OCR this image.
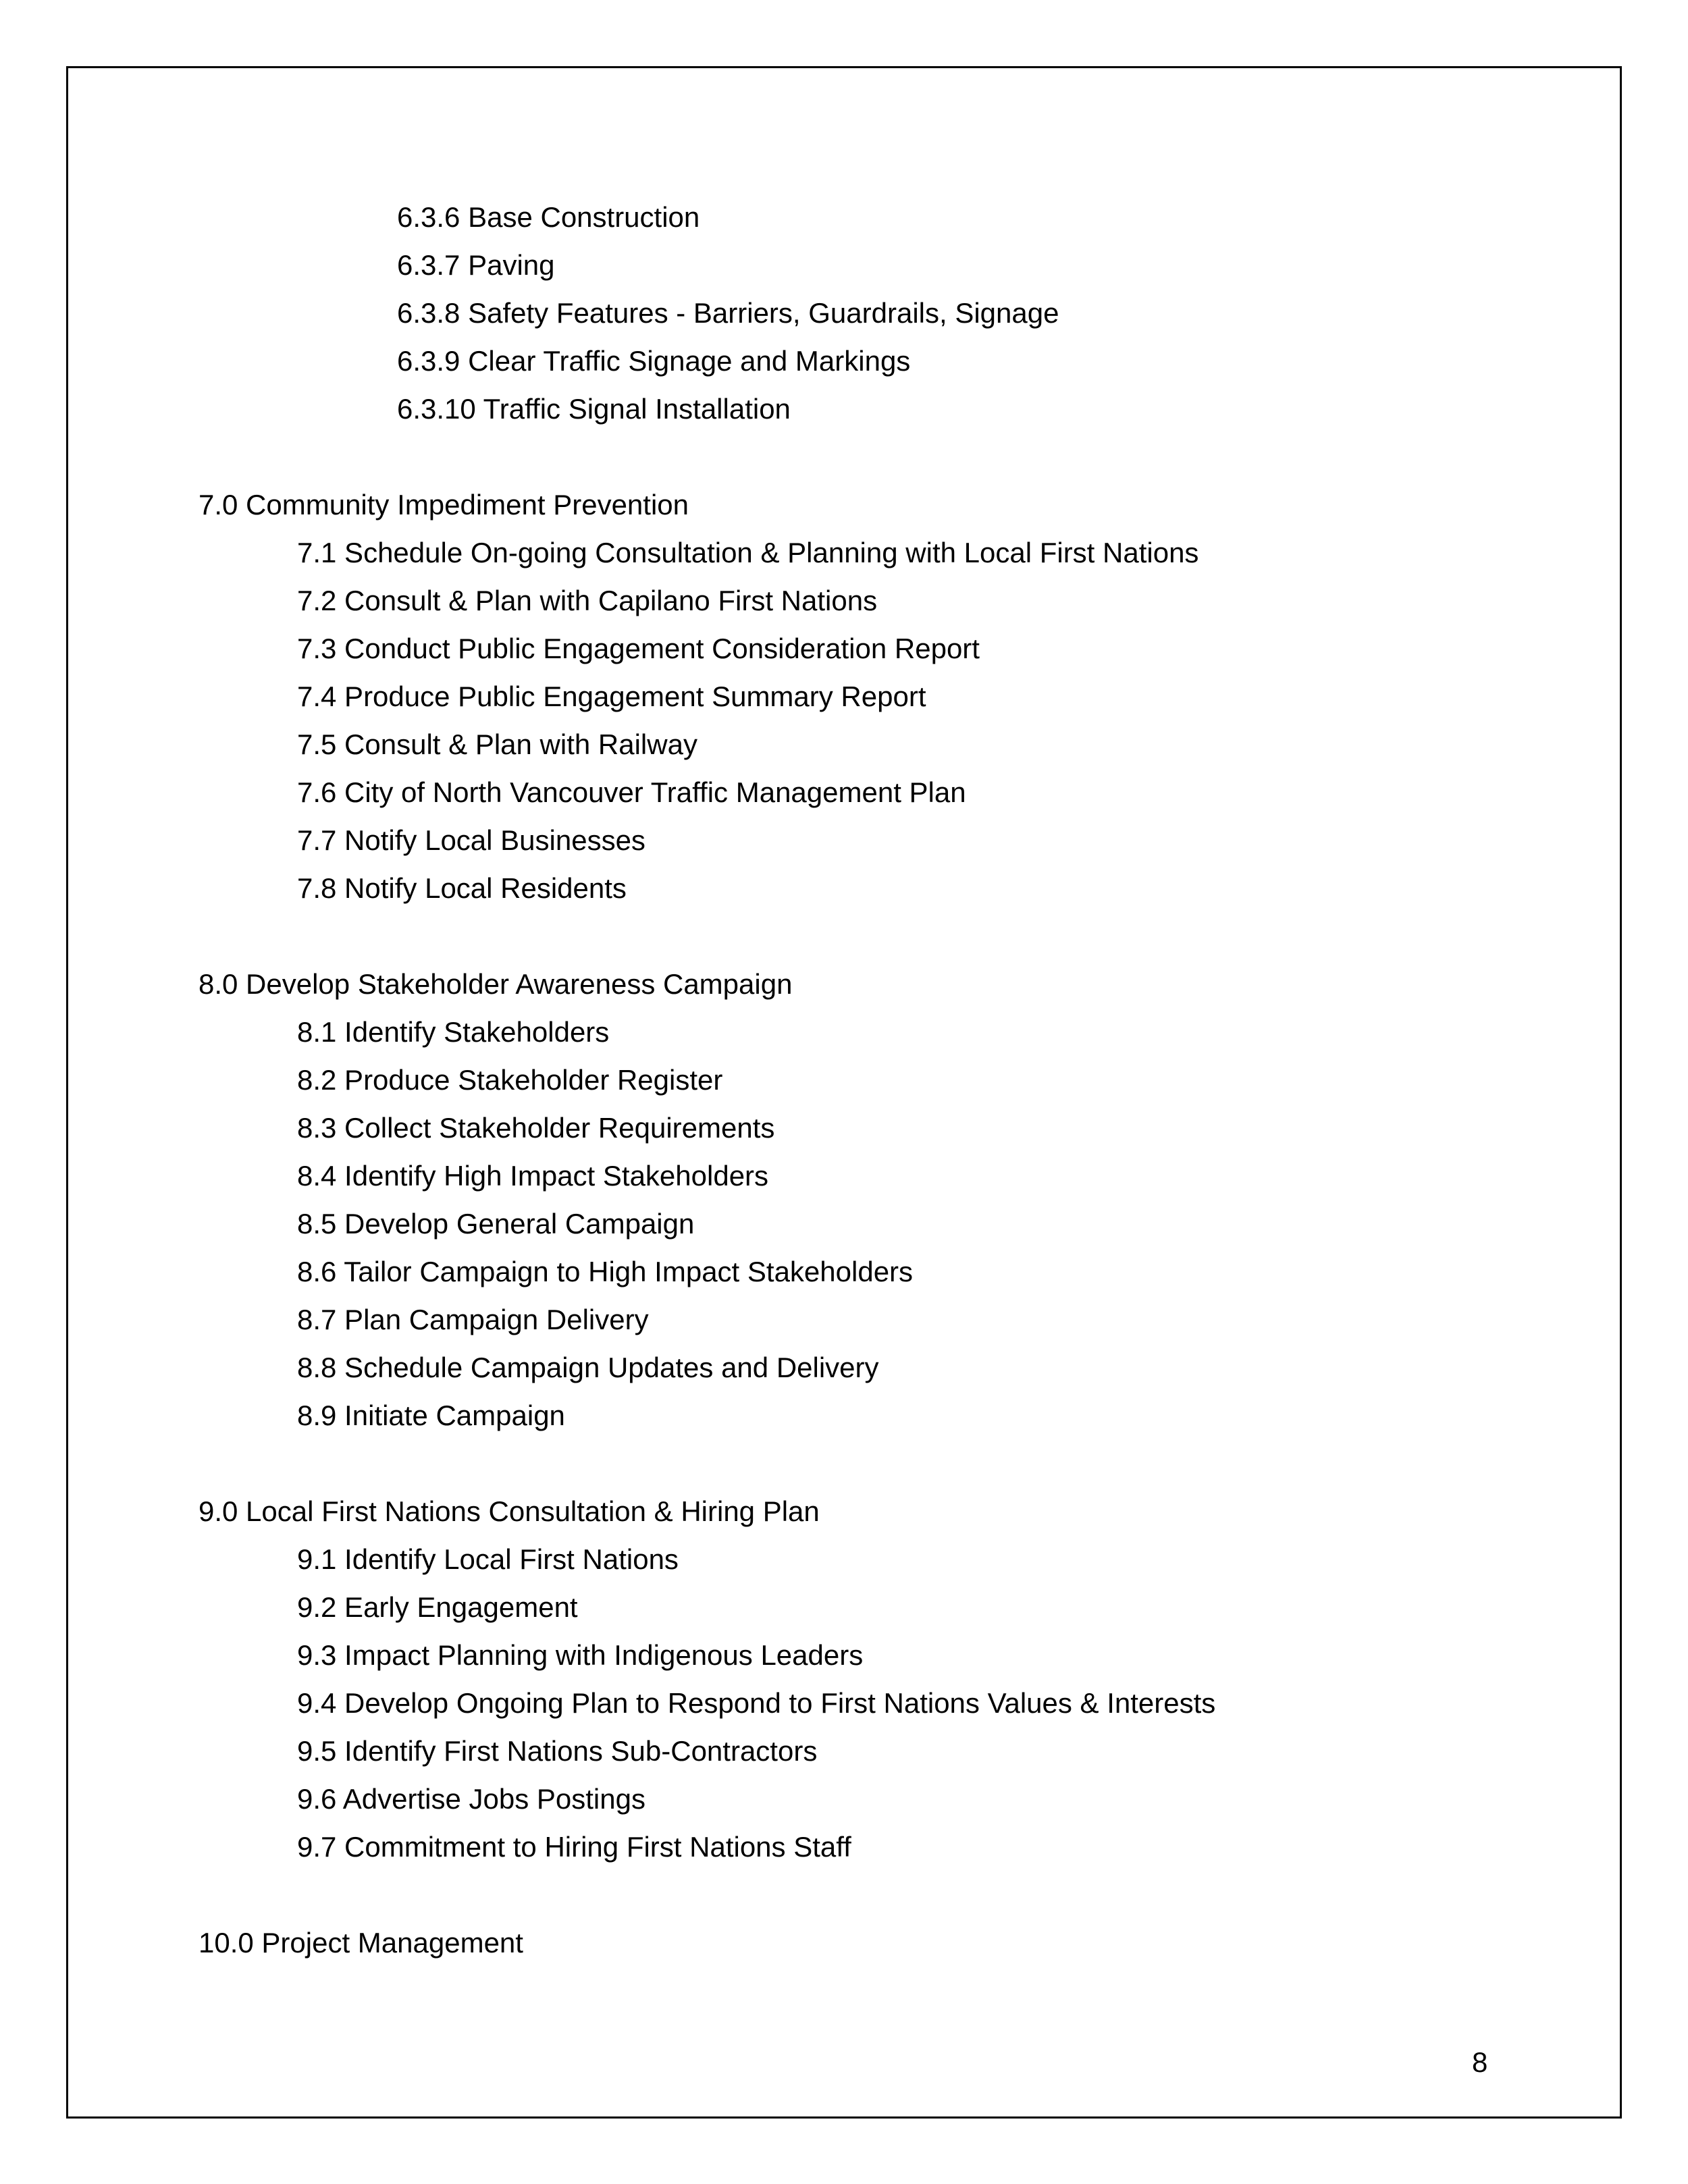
6.3.6 Base Construction
6.3.7 Paving
6.3.8 Safety Features - Barriers, Guardrails, Signage
6.3.9 Clear Traffic Signage and Markings
6.3.10 Traffic Signal Installation
7.0 Community Impediment Prevention
7.1 Schedule On-going Consultation & Planning with Local First Nations
7.2 Consult & Plan with Capilano First Nations
7.3 Conduct Public Engagement Consideration Report
7.4 Produce Public Engagement Summary Report
7.5 Consult & Plan with Railway
7.6 City of North Vancouver Traffic Management Plan
7.7 Notify Local Businesses
7.8 Notify Local Residents
8.0 Develop Stakeholder Awareness Campaign
8.1 Identify Stakeholders
8.2 Produce Stakeholder Register
8.3 Collect Stakeholder Requirements
8.4 Identify High Impact Stakeholders
8.5 Develop General Campaign
8.6 Tailor Campaign to High Impact Stakeholders
8.7 Plan Campaign Delivery
8.8 Schedule Campaign Updates and Delivery
8.9 Initiate Campaign
9.0 Local First Nations Consultation & Hiring Plan
9.1 Identify Local First Nations
9.2 Early Engagement
9.3 Impact Planning with Indigenous Leaders
9.4 Develop Ongoing Plan to Respond to First Nations Values & Interests
9.5 Identify First Nations Sub-Contractors
9.6 Advertise Jobs Postings
9.7 Commitment to Hiring First Nations Staff
10.0 Project Management
8
